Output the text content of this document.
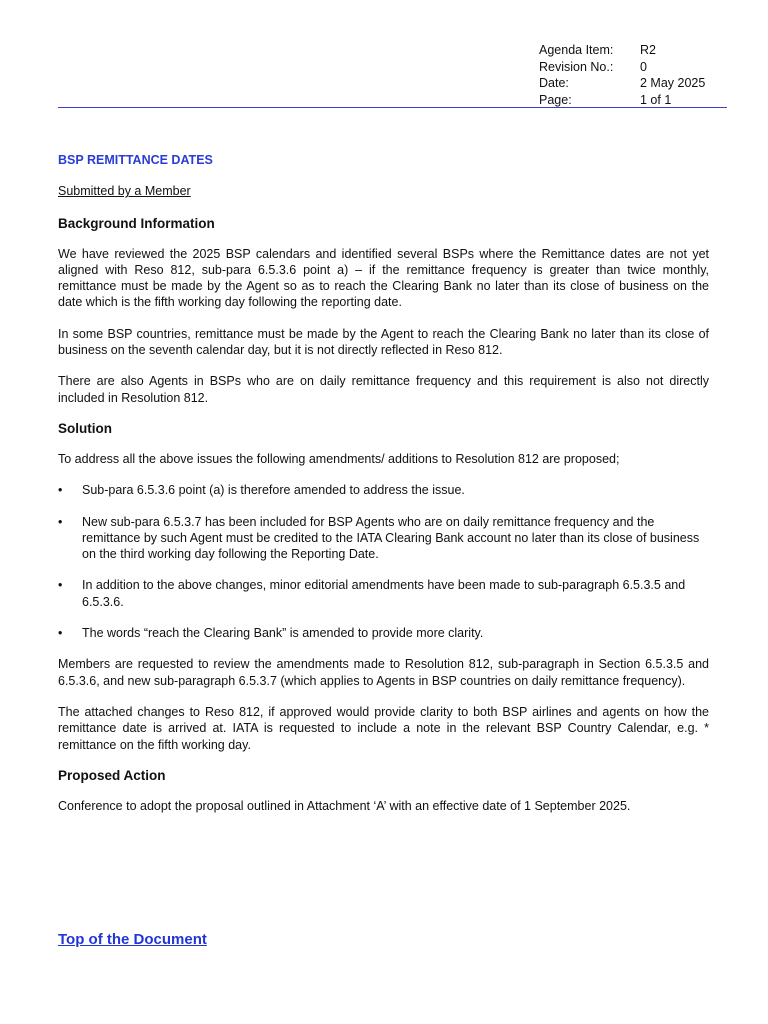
Agenda Item:	R2
Revision No.:	0
Date:	2 May 2025
Page:	1 of 1
BSP REMITTANCE DATES
Submitted by a Member
Background Information

We have reviewed the 2025 BSP calendars and identified several BSPs where the Remittance dates are not yet aligned with Reso 812, sub-para 6.5.3.6 point a) – if the remittance frequency is greater than twice monthly, remittance must be made by the Agent so as to reach the Clearing Bank no later than its close of business on the date which is the fifth working day following the reporting date.

In some BSP countries, remittance must be made by the Agent to reach the Clearing Bank no later than its close of business on the seventh calendar day, but it is not directly reflected in Reso 812.

There are also Agents in BSPs who are on daily remittance frequency and this requirement is also not directly included in Resolution 812.

Solution

To address all the above issues the following amendments/ additions to Resolution 812 are proposed;

•	Sub-para 6.5.3.6 point (a) is therefore amended to address the issue.
•	New sub-para 6.5.3.7 has been included for BSP Agents who are on daily remittance frequency and the remittance by such Agent must be credited to the IATA Clearing Bank account no later than its close of business on the third working day following the Reporting Date.
•	In addition to the above changes, minor editorial amendments have been made to sub-paragraph 6.5.3.5 and 6.5.3.6.
•	The words “reach the Clearing Bank” is amended to provide more clarity.

Members are requested to review the amendments made to Resolution 812, sub-paragraph in Section 6.5.3.5 and 6.5.3.6, and new sub-paragraph 6.5.3.7 (which applies to Agents in BSP countries on daily remittance frequency).

The attached changes to Reso 812, if approved would provide clarity to both BSP airlines and agents on how the remittance date is arrived at. IATA is requested to include a note in the relevant BSP Country Calendar, e.g. * remittance on the fifth working day.

Proposed Action

Conference to adopt the proposal outlined in Attachment ‘A’ with an effective date of 1 September 2025.

Top of the Document
